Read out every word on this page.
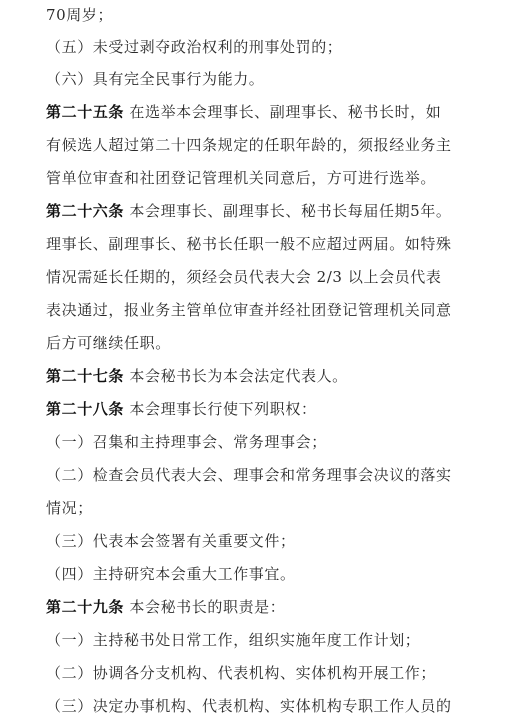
70周岁；
（五）未受过剥夺政治权利的刑事处罚的；
（六）具有完全民事行为能力。
第二十五条 在选举本会理事长、副理事长、秘书长时，如
有候选人超过第二十四条规定的任职年龄的，须报经业务主
管单位审查和社团登记管理机关同意后，方可进行选举。
第二十六条 本会理事长、副理事长、秘书长每届任期5年。
理事长、副理事长、秘书长任职一般不应超过两届。如特殊
情况需延长任期的，须经会员代表大会 2/3 以上会员代表
表决通过，报业务主管单位审查并经社团登记管理机关同意
后方可继续任职。
第二十七条 本会秘书长为本会法定代表人。
第二十八条 本会理事长行使下列职权：
（一）召集和主持理事会、常务理事会；
（二）检查会员代表大会、理事会和常务理事会决议的落实
情况；
（三）代表本会签署有关重要文件；
（四）主持研究本会重大工作事宜。
第二十九条 本会秘书长的职责是：
（一）主持秘书处日常工作，组织实施年度工作计划；
（二）协调各分支机构、代表机构、实体机构开展工作；
（三）决定办事机构、代表机构、实体机构专职工作人员的
